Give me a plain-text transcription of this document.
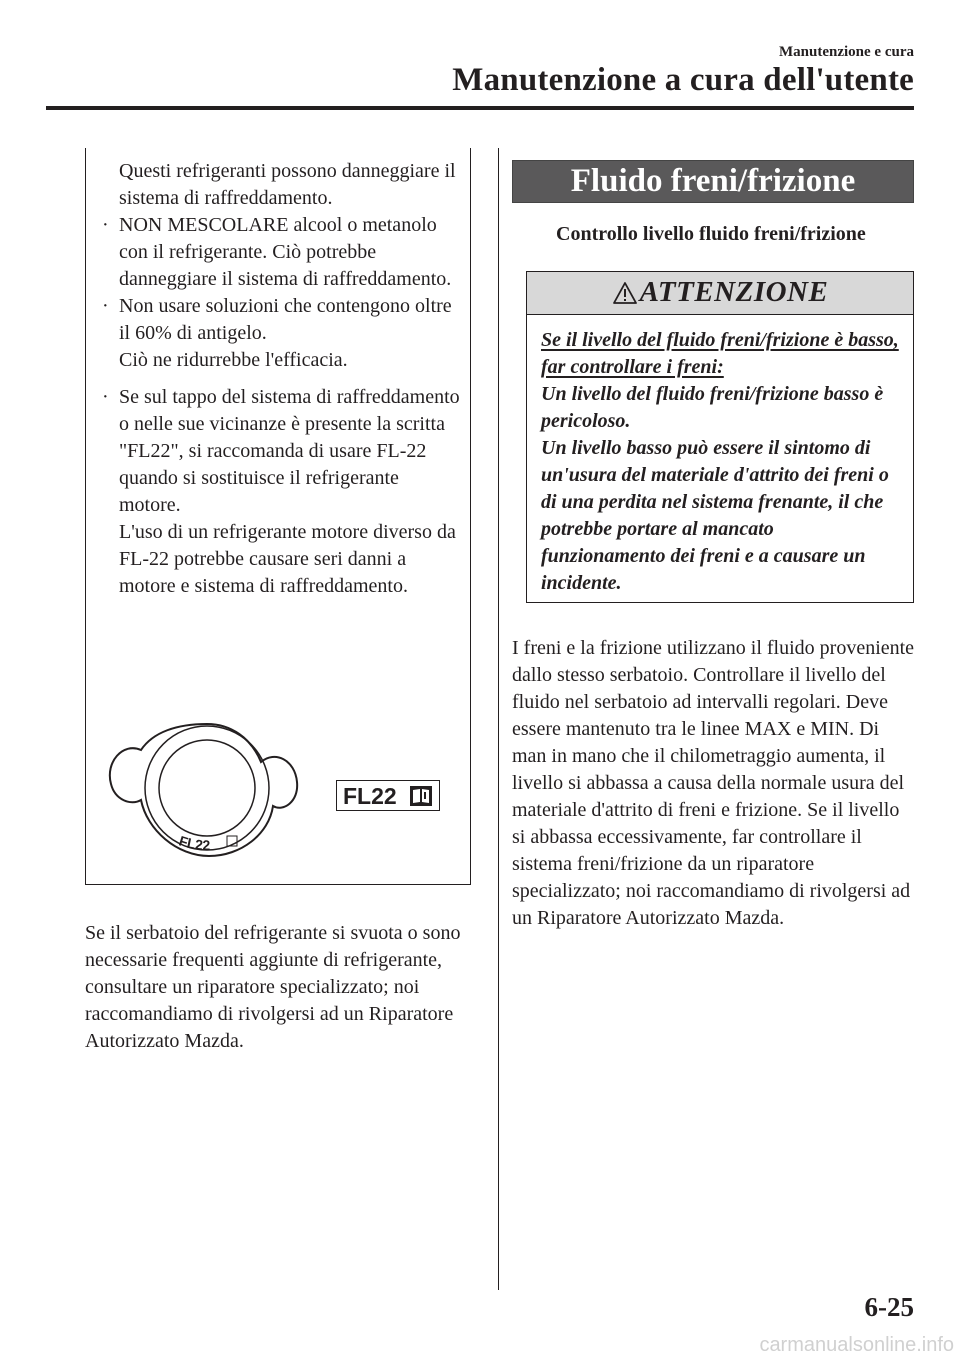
Manutenzione e cura
Manutenzione a cura dell'utente

Questi refrigeranti possono danneggiare il sistema di raffreddamento.

· NON MESCOLARE alcool o metanolo con il refrigerante. Ciò potrebbe danneggiare il sistema di raffreddamento.

· Non usare soluzioni che contengono oltre il 60% di antigelo.

Ciò ne ridurrebbe l'efficacia.

· Se sul tappo del sistema di raffreddamento o nelle sue vicinanze è presente la scritta "FL22", si raccomanda di usare FL-22 quando si sostituisce il refrigerante motore.

L'uso di un refrigerante motore diverso da FL-22 potrebbe causare seri danni a motore e sistema di raffreddamento.

FL22
FL22

Se il serbatoio del refrigerante si svuota o sono necessarie frequenti aggiunte di refrigerante, consultare un riparatore specializzato; noi raccomandiamo di rivolgersi ad un Riparatore Autorizzato Mazda.

Fluido freni/frizione
Controllo livello fluido freni/frizione
ATTENZIONE
Se il livello del fluido freni/frizione è basso, far controllare i freni:
Un livello del fluido freni/frizione basso è pericoloso.
Un livello basso può essere il sintomo di un'usura del materiale d'attrito dei freni o di una perdita nel sistema frenante, il che potrebbe portare al mancato funzionamento dei freni e a causare un incidente.

I freni e la frizione utilizzano il fluido proveniente dallo stesso serbatoio. Controllare il livello del fluido nel serbatoio ad intervalli regolari. Deve essere mantenuto tra le linee MAX e MIN. Di man in mano che il chilometraggio aumenta, il livello si abbassa a causa della normale usura del materiale d'attrito di freni e frizione. Se il livello si abbassa eccessivamente, far controllare il sistema freni/frizione da un riparatore specializzato; noi raccomandiamo di rivolgersi ad un Riparatore Autorizzato Mazda.

6-25
carmanualsonline.info
